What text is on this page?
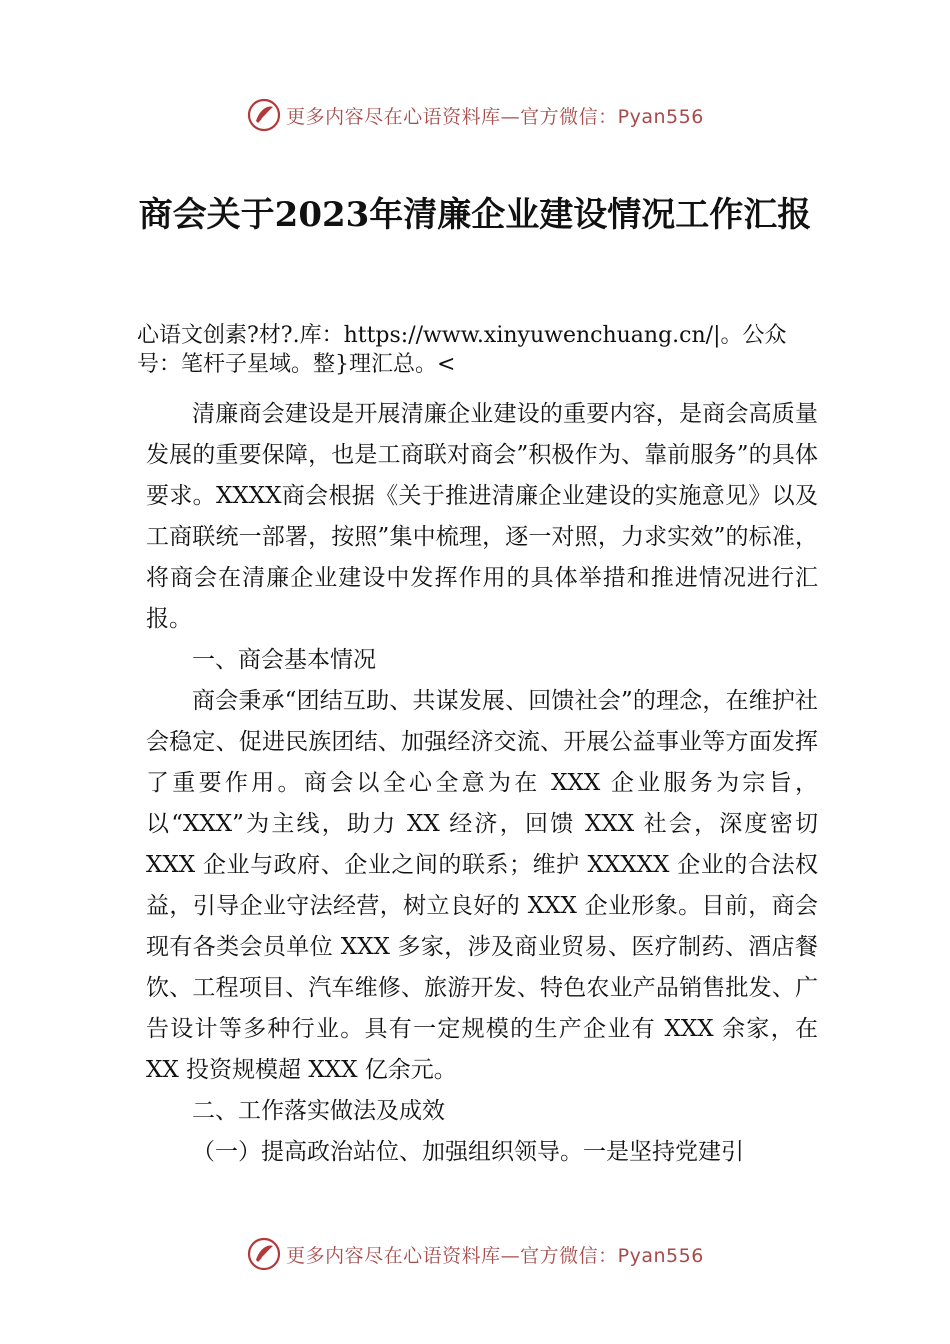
更多内容尽在心语资料库—官方微信：Pyan556
商会关于2023年清廉企业建设情况工作汇报

心语文创素?材?.库：https://www.xinyuwenchuang.cn/|。公众号：笔杆子星域。整}理汇总。<

清廉商会建设是开展清廉企业建设的重要内容，是商会高质量发展的重要保障，也是工商联对商会”积极作为、靠前服务”的具体要求。XXXX商会根据《关于推进清廉企业建设的实施意见》以及工商联统一部署，按照”集中梳理，逐一对照，力求实效”的标准，将商会在清廉企业建设中发挥作用的具体举措和推进情况进行汇报。

一、商会基本情况

商会秉承“团结互助、共谋发展、回馈社会”的理念，在维护社会稳定、促进民族团结、加强经济交流、开展公益事业等方面发挥了重要作用。商会以全心全意为在 XXX 企业服务为宗旨，以“XXX”为主线，助力 XX 经济，回馈 XXX 社会，深度密切 XXX 企业与政府、企业之间的联系；维护 XXXXX 企业的合法权益，引导企业守法经营，树立良好的 XXX 企业形象。目前，商会现有各类会员单位 XXX 多家，涉及商业贸易、医疗制药、酒店餐饮、工程项目、汽车维修、旅游开发、特色农业产品销售批发、广告设计等多种行业。具有一定规模的生产企业有 XXX 余家，在 XX 投资规模超 XXX 亿余元。

二、工作落实做法及成效

（一）提高政治站位、加强组织领导。一是坚持党建引

更多内容尽在心语资料库—官方微信：Pyan556
